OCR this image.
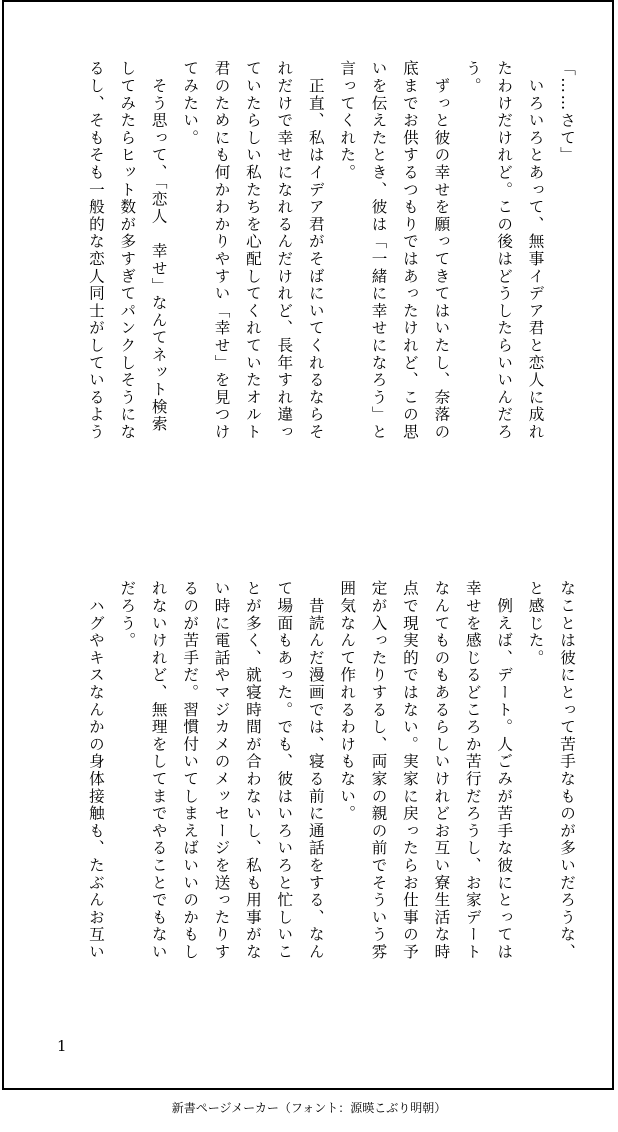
「……さて」
　いろいろとあって、無事イデア君と恋人に成れ
たわけだけれど。この後はどうしたらいいんだろ
う。
　ずっと彼の幸せを願ってきてはいたし、奈落の
底までお供するつもりではあったけれど、この思
いを伝えたとき、彼は「一緒に幸せになろう」と
言ってくれた。
　正直、私はイデア君がそばにいてくれるならそ
れだけで幸せになれるんだけれど、長年すれ違っ
ていたらしい私たちを心配してくれていたオルト
君のためにも何かわかりやすい「幸せ」を見つけ
てみたい。
　そう思って、「恋人　幸せ」なんてネット検索
してみたらヒット数が多すぎてパンクしそうにな
るし、そもそも一般的な恋人同士がしているよう
なことは彼にとって苦手なものが多いだろうな、
と感じた。
　例えば、デート。人ごみが苦手な彼にとっては
幸せを感じるどころか苦行だろうし、お家デート
なんてものもあるらしいけれどお互い寮生活な時
点で現実的ではない。実家に戻ったらお仕事の予
定が入ったりするし、両家の親の前でそういう雰
囲気なんて作れるわけもない。
　昔読んだ漫画では、寝る前に通話をする、なん
て場面もあった。でも、彼はいろいろと忙しいこ
とが多く、就寝時間が合わないし、私も用事がな
い時に電話やマジカメのメッセージを送ったりす
るのが苦手だ。習慣付いてしまえばいいのかもし
れないけれど、無理をしてまでやることでもない
だろう。
　ハグやキスなんかの身体接触も、たぶんお互い
1
新書ページメーカー（フォント：源暎こぶり明朝）
